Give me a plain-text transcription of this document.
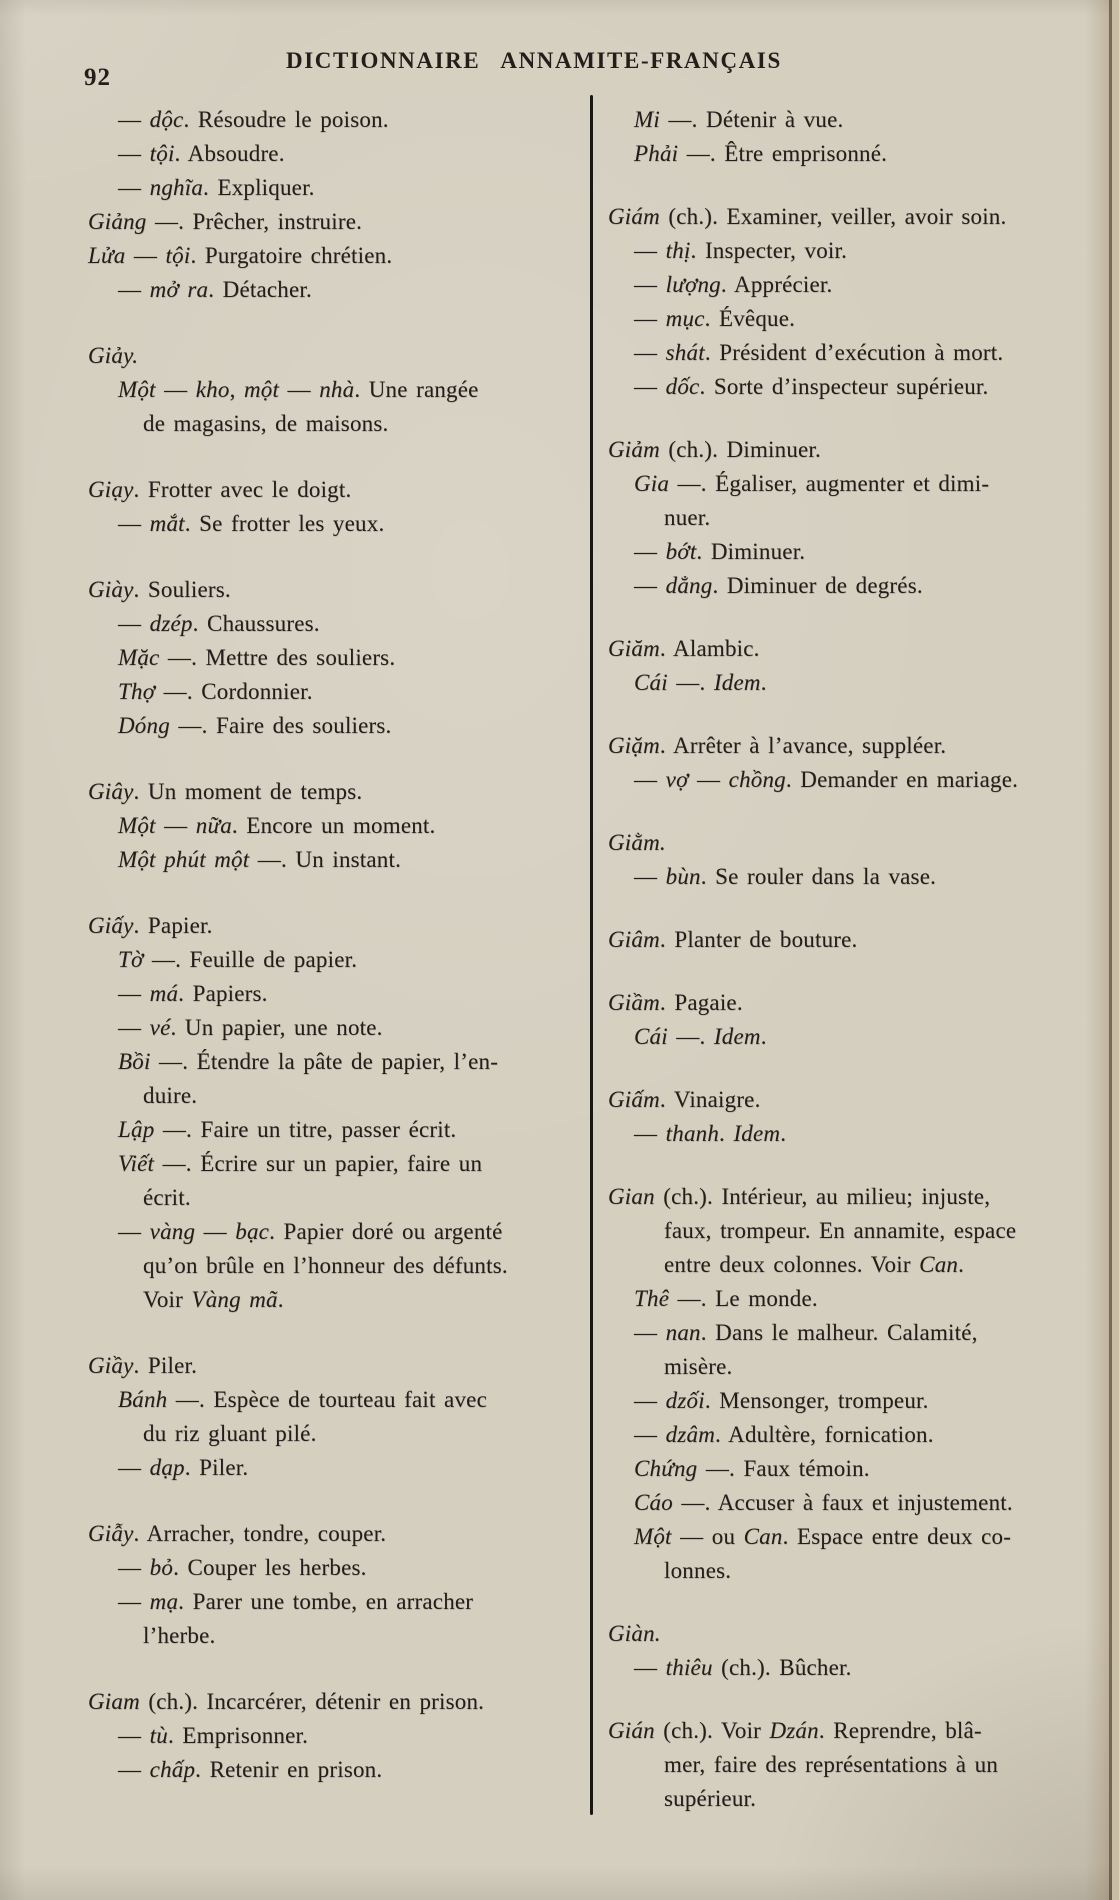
92
DICTIONNAIRE ANNAMITE-FRANÇAIS
— dộc. Résoudre le poison.
— tội. Absoudre.
— nghĩa. Expliquer.
Giảng —. Prêcher, instruire.
Lửa — tội. Purgatoire chrétien.
— mở ra. Détacher.
Giảy.
Một — kho, một — nhà. Une rangée
de magasins, de maisons.
Giạy. Frotter avec le doigt.
— mắt. Se frotter les yeux.
Giày. Souliers.
— dzép. Chaussures.
Mặc —. Mettre des souliers.
Thợ —. Cordonnier.
Dóng —. Faire des souliers.
Giây. Un moment de temps.
Một — nữa. Encore un moment.
Một phút một —. Un instant.
Giấy. Papier.
Tờ —. Feuille de papier.
— má. Papiers.
— vé. Un papier, une note.
Bồi —. Étendre la pâte de papier, l’en-
duire.
Lập —. Faire un titre, passer écrit.
Viết —. Écrire sur un papier, faire un
écrit.
— vàng — bạc. Papier doré ou argenté
qu’on brûle en l’honneur des défunts.
Voir Vàng mã.
Giầy. Piler.
Bánh —. Espèce de tourteau fait avec
du riz gluant pilé.
— dạp. Piler.
Giẫy. Arracher, tondre, couper.
— bỏ. Couper les herbes.
— mạ. Parer une tombe, en arracher
l’herbe.
Giam (ch.). Incarcérer, détenir en prison.
— tù. Emprisonner.
— chấp. Retenir en prison.
Mi —. Détenir à vue.
Phải —. Être emprisonné.
Giám (ch.). Examiner, veiller, avoir soin.
— thị. Inspecter, voir.
— lượng. Apprécier.
— mục. Évêque.
— shát. Président d’exécution à mort.
— dốc. Sorte d’inspecteur supérieur.
Giảm (ch.). Diminuer.
Gia —. Égaliser, augmenter et dimi-
nuer.
— bớt. Diminuer.
— dẳng. Diminuer de degrés.
Giăm. Alambic.
Cái —. Idem.
Giặm. Arrêter à l’avance, suppléer.
— vợ — chồng. Demander en mariage.
Giằm.
— bùn. Se rouler dans la vase.
Giâm. Planter de bouture.
Giầm. Pagaie.
Cái —. Idem.
Giấm. Vinaigre.
— thanh. Idem.
Gian (ch.). Intérieur, au milieu; injuste,
faux, trompeur. En annamite, espace
entre deux colonnes. Voir Can.
Thê —. Le monde.
— nan. Dans le malheur. Calamité,
misère.
— dzối. Mensonger, trompeur.
— dzâm. Adultère, fornication.
Chứng —. Faux témoin.
Cáo —. Accuser à faux et injustement.
Một — ou Can. Espace entre deux co-
lonnes.
Giàn.
— thiêu (ch.). Bûcher.
Gián (ch.). Voir Dzán. Reprendre, blâ-
mer, faire des représentations à un
supérieur.
